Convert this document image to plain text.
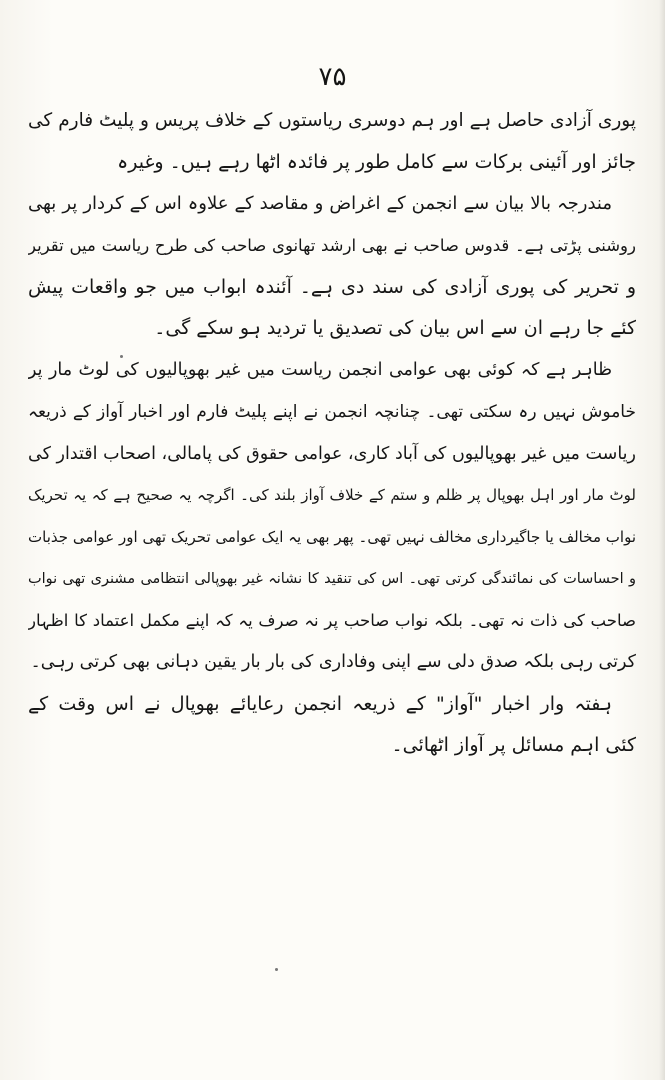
۷۵
پوری آزادی حاصل ہے اور ہم دوسری ریاستوں کے خلاف پریس و پلیٹ فارم کی
جائز اور آئینی برکات سے کامل طور پر فائدہ اٹھا رہے ہیں۔ وغیرہ
مندرجہ بالا بیان سے انجمن کے اغراض و مقاصد کے علاوہ اس کے کردار پر بھی
روشنی پڑتی ہے۔ قدوس صاحب نے بھی ارشد تھانوی صاحب کی طرح ریاست میں تقریر
و تحریر کی پوری آزادی کی سند دی ہے۔ آئندہ ابواب میں جو واقعات پیش
کئے جا رہے ان سے اس بیان کی تصدیق یا تردید ہو سکے گی۔
ظاہر ہے کہ کوئی بھی عوامی انجمن ریاست میں غیر بھوپالیوں کی لوٹ مار پر
خاموش نہیں رہ سکتی تھی۔ چنانچہ انجمن نے اپنے پلیٹ فارم اور اخبار آواز کے ذریعہ
ریاست میں غیر بھوپالیوں کی آباد کاری، عوامی حقوق کی پامالی، اصحاب اقتدار کی
لوٹ مار اور اہل بھوپال پر ظلم و ستم کے خلاف آواز بلند کی۔ اگرچہ یہ صحیح ہے کہ یہ تحریک
نواب مخالف یا جاگیرداری مخالف نہیں تھی۔ پھر بھی یہ ایک عوامی تحریک تھی اور عوامی جذبات
و احساسات کی نمائندگی کرتی تھی۔ اس کی تنقید کا نشانہ غیر بھوپالی انتظامی مشنری تھی نواب
صاحب کی ذات نہ تھی۔ بلکہ نواب صاحب پر نہ صرف یہ کہ اپنے مکمل اعتماد کا اظہار
کرتی رہی بلکہ صدق دلی سے اپنی وفاداری کی بار بار یقین دہانی بھی کرتی رہی۔
ہفتہ وار اخبار "آواز" کے ذریعہ انجمن رعایائے بھوپال نے اس وقت کے
کئی اہم مسائل پر آواز اٹھائی۔
